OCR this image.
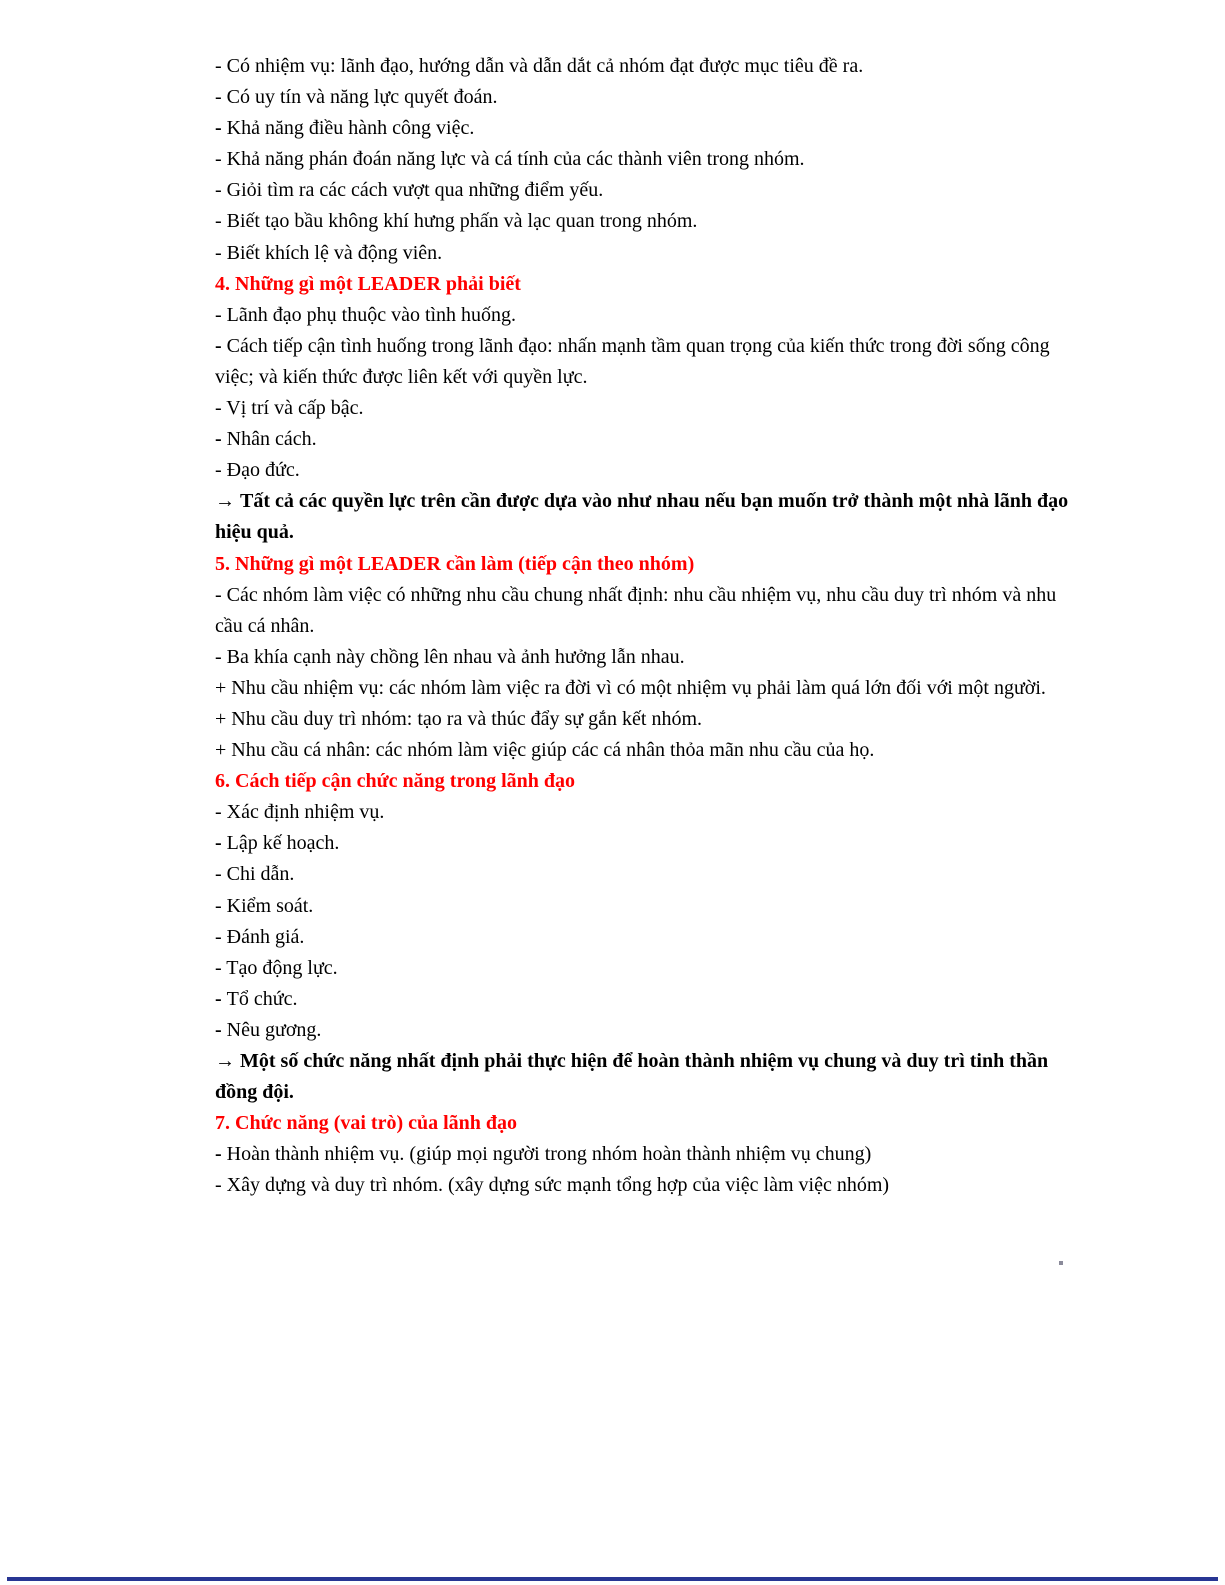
- Có nhiệm vụ: lãnh đạo, hướng dẫn và dẫn dắt cả nhóm đạt được mục tiêu đề ra.
- Có uy tín và năng lực quyết đoán.
- Khả năng điều hành công việc.
- Khả năng phán đoán năng lực và cá tính của các thành viên trong nhóm.
- Giỏi tìm ra các cách vượt qua những điểm yếu.
- Biết tạo bầu không khí hưng phấn và lạc quan trong nhóm.
- Biết khích lệ và động viên.
4. Những gì một LEADER phải biết
- Lãnh đạo phụ thuộc vào tình huống.
- Cách tiếp cận tình huống trong lãnh đạo: nhấn mạnh tầm quan trọng của kiến thức trong đời sống công
việc; và kiến thức được liên kết với quyền lực.
- Vị trí và cấp bậc.
- Nhân cách.
- Đạo đức.
→ Tất cả các quyền lực trên cần được dựa vào như nhau nếu bạn muốn trở thành một nhà lãnh đạo
hiệu quả.
5. Những gì một LEADER cần làm (tiếp cận theo nhóm)
- Các nhóm làm việc có những nhu cầu chung nhất định: nhu cầu nhiệm vụ, nhu cầu duy trì nhóm và nhu
cầu cá nhân.
- Ba khía cạnh này chồng lên nhau và ảnh hưởng lẫn nhau.
+ Nhu cầu nhiệm vụ: các nhóm làm việc ra đời vì có một nhiệm vụ phải làm quá lớn đối với một người.
+ Nhu cầu duy trì nhóm: tạo ra và thúc đẩy sự gắn kết nhóm.
+ Nhu cầu cá nhân: các nhóm làm việc giúp các cá nhân thỏa mãn nhu cầu của họ.
6. Cách tiếp cận chức năng trong lãnh đạo
- Xác định nhiệm vụ.
- Lập kế hoạch.
- Chi dẫn.
- Kiểm soát.
- Đánh giá.
- Tạo động lực.
- Tổ chức.
- Nêu gương.
→ Một số chức năng nhất định phải thực hiện để hoàn thành nhiệm vụ chung và duy trì tinh thần
đồng đội.
7. Chức năng (vai trò) của lãnh đạo
- Hoàn thành nhiệm vụ. (giúp mọi người trong nhóm hoàn thành nhiệm vụ chung)
- Xây dựng và duy trì nhóm. (xây dựng sức mạnh tổng hợp của việc làm việc nhóm)
